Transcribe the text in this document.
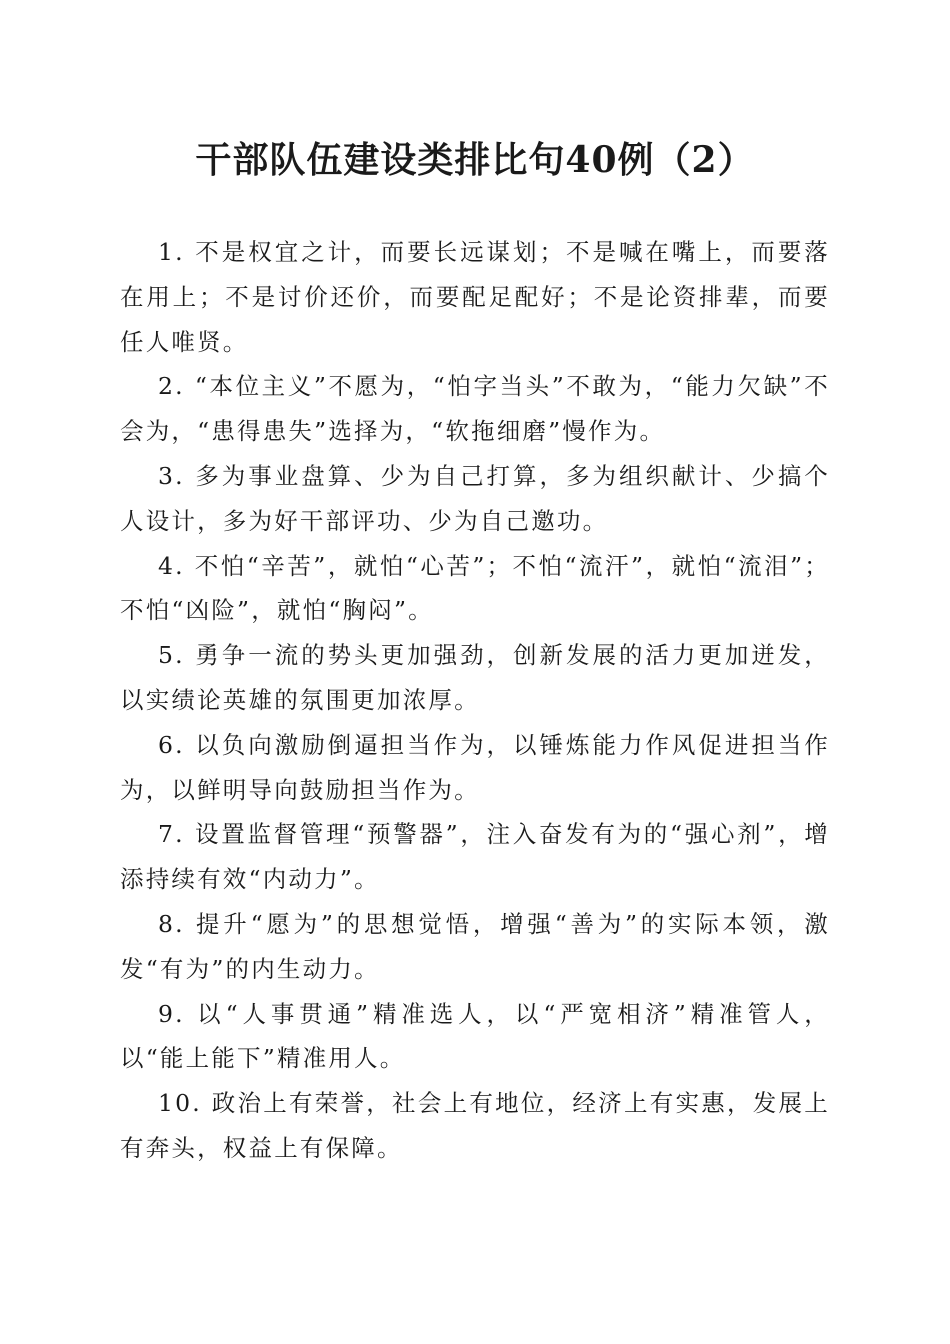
干部队伍建设类排比句40例（2）

1. 不是权宜之计，而要长远谋划；不是喊在嘴上，而要落在用上；不是讨价还价，而要配足配好；不是论资排辈，而要任人唯贤。

2. “本位主义”不愿为，“怕字当头”不敢为，“能力欠缺”不会为，“患得患失”选择为，“软拖细磨”慢作为。

3. 多为事业盘算、少为自己打算，多为组织献计、少搞个人设计，多为好干部评功、少为自己邀功。

4. 不怕“辛苦”，就怕“心苦”；不怕“流汗”，就怕“流泪”；不怕“凶险”，就怕“胸闷”。

5. 勇争一流的势头更加强劲，创新发展的活力更加迸发，以实绩论英雄的氛围更加浓厚。

6. 以负向激励倒逼担当作为，以锤炼能力作风促进担当作为，以鲜明导向鼓励担当作为。

7. 设置监督管理“预警器”，注入奋发有为的“强心剂”，增添持续有效“内动力”。

8. 提升“愿为”的思想觉悟，增强“善为”的实际本领，激发“有为”的内生动力。

9. 以“人事贯通”精准选人，以“严宽相济”精准管人，以“能上能下”精准用人。

10. 政治上有荣誉，社会上有地位，经济上有实惠，发展上有奔头，权益上有保障。
